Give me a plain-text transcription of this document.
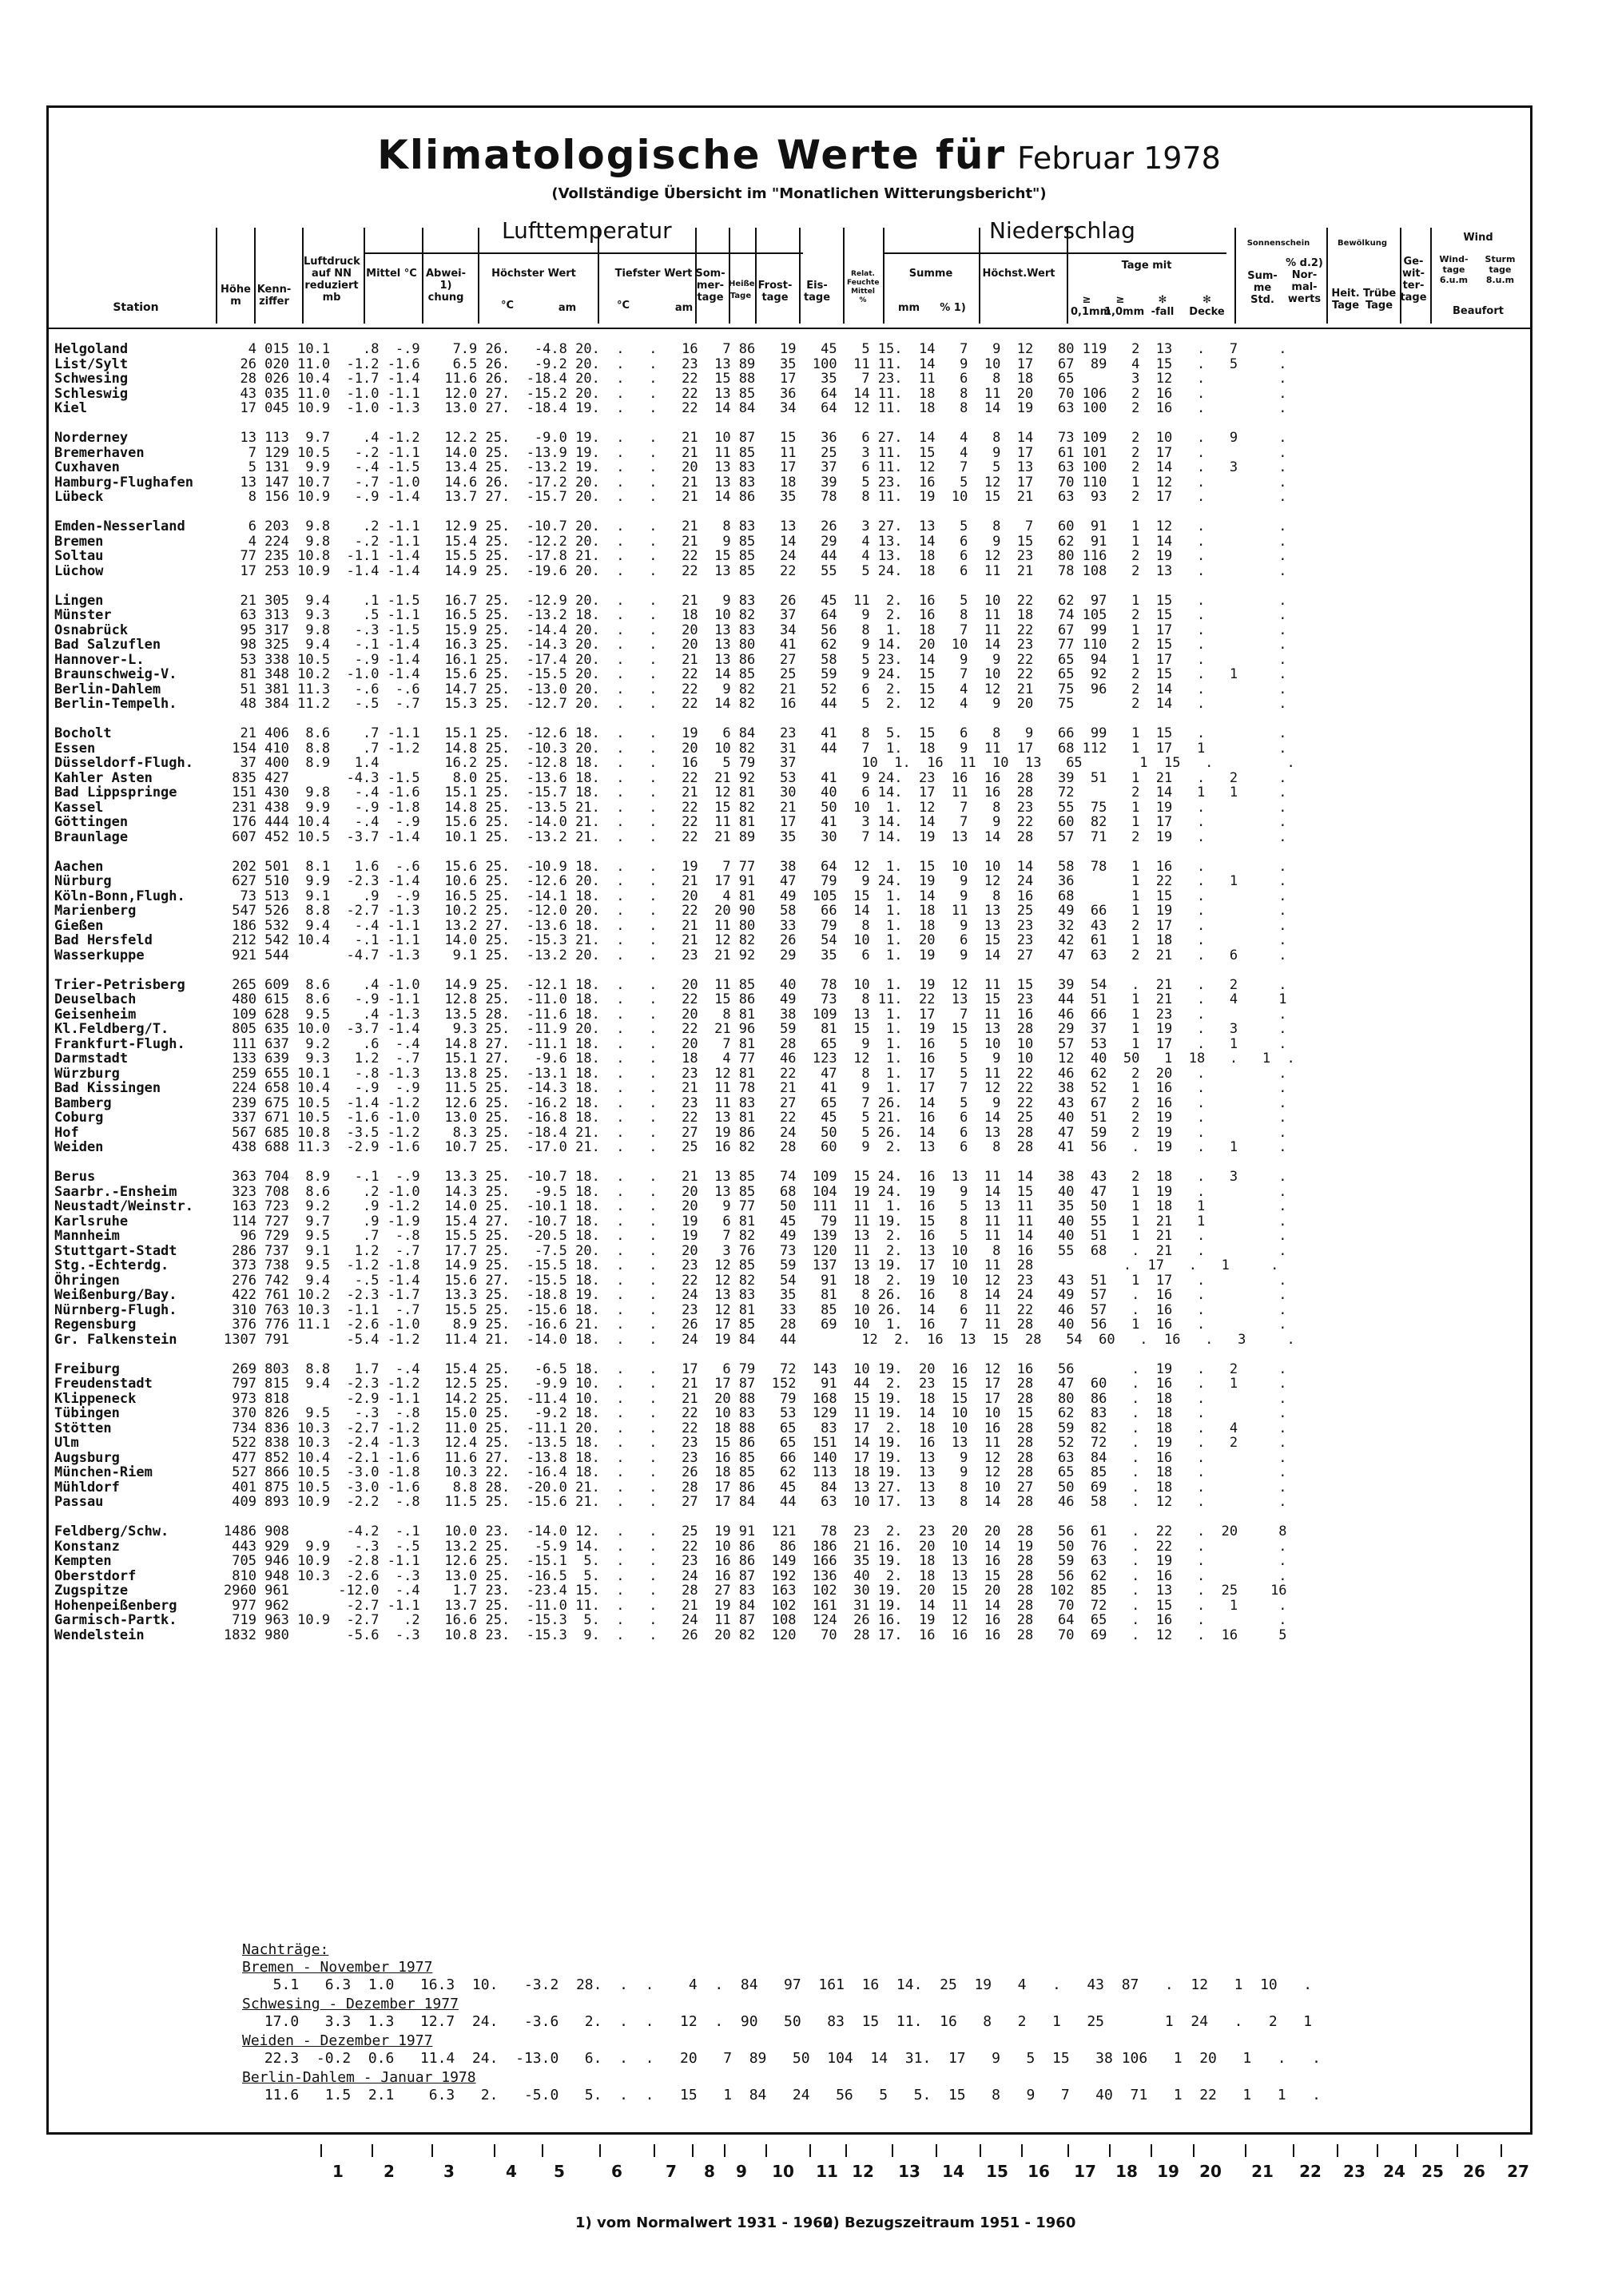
Klimatologische Werte für Februar 1978
(Vollständige Übersicht im "Monatlichen Witterungsbericht")
Lufttemperatur	Niederschlag
Höhe m
Kenn- ziffer
Luftdruck auf NN reduziert mb
Mittel °C Abwei- 1) chung
Höchster Wert	Tiefster Wert
°C	am	°C	am
Som- mer- tage
Heiße Tage
Frost- tage
Eis- tage
Relat. Feuchte Mittel %
Summe
mm	% 1)
Höchst.Wert
Tage mit
≥ 0,1mm
≥ 1,0mm
✻
-fall
✻
Decke
Sonnenschein
Sum- me Std.
% d.2) Nor- mal- werts
Bewölkung
Heit. Tage
Trübe Tage
Ge- wit- ter- tage
Wind
Wind- tage 6.u.m
Sturm tage 8.u.m
Beaufort
Station
Helgoland	4 015 10.1    .8  -.9    7.9 26.   -4.8 20.  .   .   16   7 86   19   45   5 15.  14   7   9  12   80 119   2  13   .   7     .
List/Sylt	26 020 11.0  -1.2 -1.6    6.5 26.   -9.2 20.  .   .   23  13 89   35  100  11 11.  14   9  10  17   67  89   4  15   .   5     .
Schwesing	28 026 10.4  -1.7 -1.4   11.6 26.  -18.4 20.  .   .   22  15 88   17   35   7 23.  11   6   8  18   65       3  12   .         .
Schleswig	43 035 11.0  -1.0 -1.1   12.0 27.  -15.2 20.  .   .   22  13 85   36   64  14 11.  18   8  11  20   70 106   2  16   .         .
Kiel	17 045 10.9  -1.0 -1.3   13.0 27.  -18.4 19.  .   .   22  14 84   34   64  12 11.  18   8  14  19   63 100   2  16   .         .
Norderney	13 113  9.7    .4 -1.2   12.2 25.   -9.0 19.  .   .   21  10 87   15   36   6 27.  14   4   8  14   73 109   2  10   .   9     .
Bremerhaven	7 129 10.5   -.2 -1.1   14.0 25.  -13.9 19.  .   .   21  11 85   11   25   3 11.  15   4   9  17   61 101   2  17   .         .
Cuxhaven	5 131  9.9   -.4 -1.5   13.4 25.  -13.2 19.  .   .   20  13 83   17   37   6 11.  12   7   5  13   63 100   2  14   .   3     .
Hamburg-Flughafen 13 147 10.7   -.7 -1.0   14.6 26.  -17.2 20.  .   .   21  13 83   18   39   5 23.  16   5  12  17   70 110   1  12   .         .
Lübeck	8 156 10.9   -.9 -1.4   13.7 27.  -15.7 20.  .   .   21  14 86   35   78   8 11.  19  10  15  21   63  93   2  17   .         .
Emden-Nesserland	6 203  9.8    .2 -1.1   12.9 25.  -10.7 20.  .   .   21   8 83   13   26   3 27.  13   5   8   7   60  91   1  12   .         .
Bremen	4 224  9.8   -.2 -1.1   15.4 25.  -12.2 20.  .   .   21   9 85   14   29   4 13.  14   6   9  15   62  91   1  14   .         .
Soltau	77 235 10.8  -1.1 -1.4   15.5 25.  -17.8 21.  .   .   22  15 85   24   44   4 13.  18   6  12  23   80 116   2  19   .         .
Lüchow	17 253 10.9  -1.4 -1.4   14.9 25.  -19.6 20.  .   .   22  13 85   22   55   5 24.  18   6  11  21   78 108   2  13   .         .
Lingen	21 305  9.4    .1 -1.5   16.7 25.  -12.9 20.  .   .   21   9 83   26   45  11  2.  16   5  10  22   62  97   1  15   .         .
Münster	63 313  9.3    .5 -1.1   16.5 25.  -13.2 18.  .   .   18  10 82   37   64   9  2.  16   8  11  18   74 105   2  15   .         .
Osnabrück	95 317  9.8   -.3 -1.5   15.9 25.  -14.4 20.  .   .   20  13 83   34   56   8  1.  18   7  11  22   67  99   1  17   .         .
Bad Salzuflen	98 325  9.4   -.1 -1.4   16.3 25.  -14.3 20.  .   .   20  13 80   41   62   9 14.  20  10  14  23   77 110   2  15   .         .
Hannover-L.	53 338 10.5   -.9 -1.4   16.1 25.  -17.4 20.  .   .   21  13 86   27   58   5 23.  14   9   9  22   65  94   1  17   .         .
Braunschweig-V.	81 348 10.2  -1.0 -1.4   15.6 25.  -15.5 20.  .   .   22  14 85   25   59   9 24.  15   7  10  22   65  92   2  15   .   1     .
Berlin-Dahlem	51 381 11.3   -.6  -.6   14.7 25.  -13.0 20.  .   .   22   9 82   21   52   6  2.  15   4  12  21   75  96   2  14   .         .
Berlin-Tempelh.	48 384 11.2   -.5  -.7   15.3 25.  -12.7 20.  .   .   22  14 82   16   44   5  2.  12   4   9  20   75       2  14   .         .
Bocholt	21 406  8.6    .7 -1.1   15.1 25.  -12.6 18.  .   .   19   6 84   23   41   8  5.  15   6   8   9   66  99   1  15   .         .
Essen	154 410  8.8    .7 -1.2   14.8 25.  -10.3 20.  .   .   20  10 82   31   44   7  1.  18   9  11  17   68 112   1  17   1         .
Düsseldorf-Flugh. 37 400  8.9   1.4        16.2 25.  -12.8 18.  .   .   16   5 79   37        10  1.  16  11  10  13   65       1  15   .         .
Kahler Asten	835 427       -4.3 -1.5    8.0 25.  -13.6 18.  .   .   22  21 92   53   41   9 24.  23  16  16  28   39  51   1  21   .   2     .
Bad Lippspringe	151 430  9.8   -.4 -1.6   15.1 25.  -15.7 18.  .   .   21  12 81   30   40   6 14.  17  11  16  28   72       2  14   1   1     .
Kassel	231 438  9.9   -.9 -1.8   14.8 25.  -13.5 21.  .   .   22  15 82   21   50  10  1.  12   7   8  23   55  75   1  19   .         .
Göttingen	176 444 10.4   -.4  -.9   15.6 25.  -14.0 21.  .   .   22  11 81   17   41   3 14.  14   7   9  22   60  82   1  17   .         .
Braunlage	607 452 10.5  -3.7 -1.4   10.1 25.  -13.2 21.  .   .   22  21 89   35   30   7 14.  19  13  14  28   57  71   2  19   .         .
Aachen	202 501  8.1   1.6  -.6   15.6 25.  -10.9 18.  .   .   19   7 77   38   64  12  1.  15  10  10  14   58  78   1  16   .         .
Nürburg	627 510  9.9  -2.3 -1.4   10.6 25.  -12.6 20.  .   .   21  17 91   47   79   9 24.  19   9  12  24   36       1  22   .   1     .
Köln-Bonn,Flugh.	73 513  9.1    .9  -.9   16.5 25.  -14.1 18.  .   .   20   4 81   49  105  15  1.  14   9   8  16   68       1  15   .         .
Marienberg	547 526  8.8  -2.7 -1.3   10.2 25.  -12.0 20.  .   .   22  20 90   58   66  14  1.  18  11  13  25   49  66   1  19   .         .
Gießen	186 532  9.4   -.4 -1.1   13.2 27.  -13.6 18.  .   .   21  11 80   33   79   8  1.  18   9  13  23   32  43   2  17   .         .
Bad Hersfeld	212 542 10.4   -.1 -1.1   14.0 25.  -15.3 21.  .   .   21  12 82   26   54  10  1.  20   6  15  23   42  61   1  18   .         .
Wasserkuppe	921 544       -4.7 -1.3    9.1 25.  -13.2 20.  .   .   23  21 92   29   35   6  1.  19   9  14  27   47  63   2  21   .   6     .
Trier-Petrisberg	265 609  8.6    .4 -1.0   14.9 25.  -12.1 18.  .   .   20  11 85   40   78  10  1.  19  12  11  15   39  54   .  21   .   2     .
Deuselbach	480 615  8.6   -.9 -1.1   12.8 25.  -11.0 18.  .   .   22  15 86   49   73   8 11.  22  13  15  23   44  51   1  21   .   4     1
Geisenheim	109 628  9.5    .4 -1.3   13.5 28.  -11.6 18.  .   .   20   8 81   38  109  13  1.  17   7  11  16   46  66   1  23   .         .
Kl.Feldberg/T.	805 635 10.0  -3.7 -1.4    9.3 25.  -11.9 20.  .   .   22  21 96   59   81  15  1.  19  15  13  28   29  37   1  19   .   3     .
Frankfurt-Flugh.	111 637  9.2    .6  -.4   14.8 27.  -11.1 18.  .   .   20   7 81   28   65   9  1.  16   5  10  10   57  53   1  17   .   1     .
Darmstadt	133 639  9.3   1.2  -.7   15.1 27.   -9.6 18.  .   .   18   4 77   46  123  12  1.  16   5   9  10   12  40  50   1  18   .   1  .
Würzburg	259 655 10.1   -.8 -1.3   13.8 25.  -13.1 18.  .   .   23  12 81   22   47   8  1.  17   5  11  22   46  62   2  20   .         .
Bad Kissingen	224 658 10.4   -.9  -.9   11.5 25.  -14.3 18.  .   .   21  11 78   21   41   9  1.  17   7  12  22   38  52   1  16   .         .
Bamberg	239 675 10.5  -1.4 -1.2   12.6 25.  -16.2 18.  .   .   23  11 83   27   65   7 26.  14   5   9  22   43  67   2  16   .         .
Coburg	337 671 10.5  -1.6 -1.0   13.0 25.  -16.8 18.  .   .   22  13 81   22   45   5 21.  16   6  14  25   40  51   2  19   .         .
Hof	567 685 10.8  -3.5 -1.2    8.3 25.  -18.4 21.  .   .   27  19 86   24   50   5 26.  14   6  13  28   47  59   2  19   .         .
Weiden	438 688 11.3  -2.9 -1.6   10.7 25.  -17.0 21.  .   .   25  16 82   28   60   9  2.  13   6   8  28   41  56   .  19   .   1     .
Berus	363 704  8.9   -.1  -.9   13.3 25.  -10.7 18.  .   .   21  13 85   74  109  15 24.  16  13  11  14   38  43   2  18   .   3     .
Saarbr.-Ensheim	323 708  8.6    .2 -1.0   14.3 25.   -9.5 18.  .   .   20  13 85   68  104  19 24.  19   9  14  15   40  47   1  19   .         .
Neustadt/Weinstr. 163 723  9.2    .9 -1.2   14.0 25.  -10.1 18.  .   .   20   9 77   50  111  11  1.  16   5  13  11   35  50   1  18   1         .
Karlsruhe	114 727  9.7    .9 -1.9   15.4 27.  -10.7 18.  .   .   19   6 81   45   79  11 19.  15   8  11  11   40  55   1  21   1         .
Mannheim	96 729  9.5    .7  -.8   15.5 25.  -20.5 18.  .   .   19   7 82   49  139  13  2.  16   5  11  14   40  51   1  21   .         .
Stuttgart-Stadt	286 737  9.1   1.2  -.7   17.7 25.   -7.5 20.  .   .   20   3 76   73  120  11  2.  13  10   8  16   55  68   .  21   .         .
Stg.-Echterdg.	373 738  9.5  -1.2 -1.8   14.9 25.  -15.5 18.  .   .   23  12 85   59  137  13 19.  17  10  11  28           .  17   .   1     .
Öhringen	276 742  9.4   -.5 -1.4   15.6 27.  -15.5 18.  .   .   22  12 82   54   91  18  2.  19  10  12  23   43  51   1  17   .         .
Weißenburg/Bay.	422 761 10.2  -2.3 -1.7   13.3 25.  -18.8 19.  .   .   24  13 83   35   81   8 26.  16   8  14  24   49  57   .  16   .         .
Nürnberg-Flugh.	310 763 10.3  -1.1  -.7   15.5 25.  -15.6 18.  .   .   23  12 81   33   85  10 26.  14   6  11  22   46  57   .  16   .         .
Regensburg	376 776 11.1  -2.6 -1.0    8.9 25.  -16.6 21.  .   .   26  17 85   28   69  10  1.  16   7  11  28   40  56   1  16   .         .
Gr. Falkenstein	1307 791       -5.4 -1.2   11.4 21.  -14.0 18.  .   .   24  19 84   44        12  2.  16  13  15  28   54  60   .  16   .   3     .
Freiburg	269 803  8.8   1.7  -.4   15.4 25.   -6.5 18.  .   .   17   6 79   72  143  10 19.  20  16  12  16   56       .  19   .   2     .
Freudenstadt	797 815  9.4  -2.3 -1.2   12.5 25.   -9.9 10.  .   .   21  17 87  152   91  44  2.  23  15  17  28   47  60   .  16   .   1     .
Klippeneck	973 818       -2.9 -1.1   14.2 25.  -11.4 10.  .   .   21  20 88   79  168  15 19.  18  15  17  28   80  86   .  18   .         .
Tübingen	370 826  9.5   -.3  -.8   15.0 25.   -9.2 18.  .   .   22  10 83   53  129  11 19.  14  10  10  15   62  83   .  18   .         .
Stötten	734 836 10.3  -2.7 -1.2   11.0 25.  -11.1 20.  .   .   22  18 88   65   83  17  2.  18  10  16  28   59  82   .  18   .   4     .
Ulm	522 838 10.3  -2.4 -1.3   12.4 25.  -13.5 18.  .   .   23  15 86   65  151  14 19.  16  13  11  28   52  72   .  19   .   2     .
Augsburg	477 852 10.4  -2.1 -1.6   11.6 27.  -13.8 18.  .   .   23  16 85   66  140  17 19.  13   9  12  28   63  84   .  16   .         .
München-Riem	527 866 10.5  -3.0 -1.8   10.3 22.  -16.4 18.  .   .   26  18 85   62  113  18 19.  13   9  12  28   65  85   .  18   .         .
Mühldorf	401 875 10.5  -3.0 -1.6    8.8 28.  -20.0 21.  .   .   28  17 86   45   84  13 27.  13   8  10  27   50  69   .  18   .         .
Passau	409 893 10.9  -2.2  -.8   11.5 25.  -15.6 21.  .   .   27  17 84   44   63  10 17.  13   8  14  28   46  58   .  12   .         .
Feldberg/Schw.	1486 908       -4.2  -.1   10.0 23.  -14.0 12.  .   .   25  19 91  121   78  23  2.  23  20  20  28   56  61   .  22   .  20     8
Konstanz	443 929  9.9   -.3  -.5   13.2 25.   -5.9 14.  .   .   22  10 86   86  186  21 16.  20  10  14  19   50  76   .  22   .         .
Kempten	705 946 10.9  -2.8 -1.1   12.6 25.  -15.1  5.  .   .   23  16 86  149  166  35 19.  18  13  16  28   59  63   .  19   .         .
Oberstdorf	810 948 10.3  -2.6  -.3   13.0 25.  -16.5  5.  .   .   24  16 87  192  136  40  2.  18  13  15  28   56  62   .  16   .         .
Zugspitze	2960 961      -12.0  -.4    1.7 23.  -23.4 15.  .   .   28  27 83  163  102  30 19.  20  15  20  28  102  85   .  13   .  25    16
Hohenpeißenberg	977 962       -2.7 -1.1   13.7 25.  -11.0 11.  .   .   21  19 84  102  161  31 19.  14  11  14  28   70  72   .  15   .   1     .
Garmisch-Partk.	719 963 10.9  -2.7   .2   16.6 25.  -15.3  5.  .   .   24  11 87  108  124  26 16.  19  12  16  28   64  65   .  16   .         .
Wendelstein	1832 980       -5.6  -.3   10.8 23.  -15.3  9.  .   .   26  20 82  120   70  28 17.  16  16  16  28   70  69   .  12   .  16     5
Nachträge:
Bremen - November 1977
5.1   6.3  1.0   16.3  10.   -3.2  28.  .  .    4  .  84   97  161  16  14.  25  19   4   .   43  87   .  12   1  10   .
Schwesing - Dezember 1977
17.0   3.3  1.3   12.7  24.   -3.6   2.  .  .   12  .  90   50   83  15  11.  16   8   2   1   25       1  24   .   2   1
Weiden - Dezember 1977
22.3  -0.2  0.6   11.4  24.  -13.0   6.  .  .   20   7  89   50  104  14  31.  17   9   5  15   38 106   1  20   1   .   .
Berlin-Dahlem - Januar 1978
11.6   1.5  2.1    6.3   2.   -5.0   5.  .  .   15   1  84   24   56   5   5.  15   8   9   7   40  71   1  22   1   1   .
1	2	3	4 5	6	7 8 9 10 11 12 13 14 15 16 17 18 19 20 21 22 23 24 25 26 27
1) vom Normalwert 1931 - 1960
2) Bezugszeitraum 1951 - 1960
